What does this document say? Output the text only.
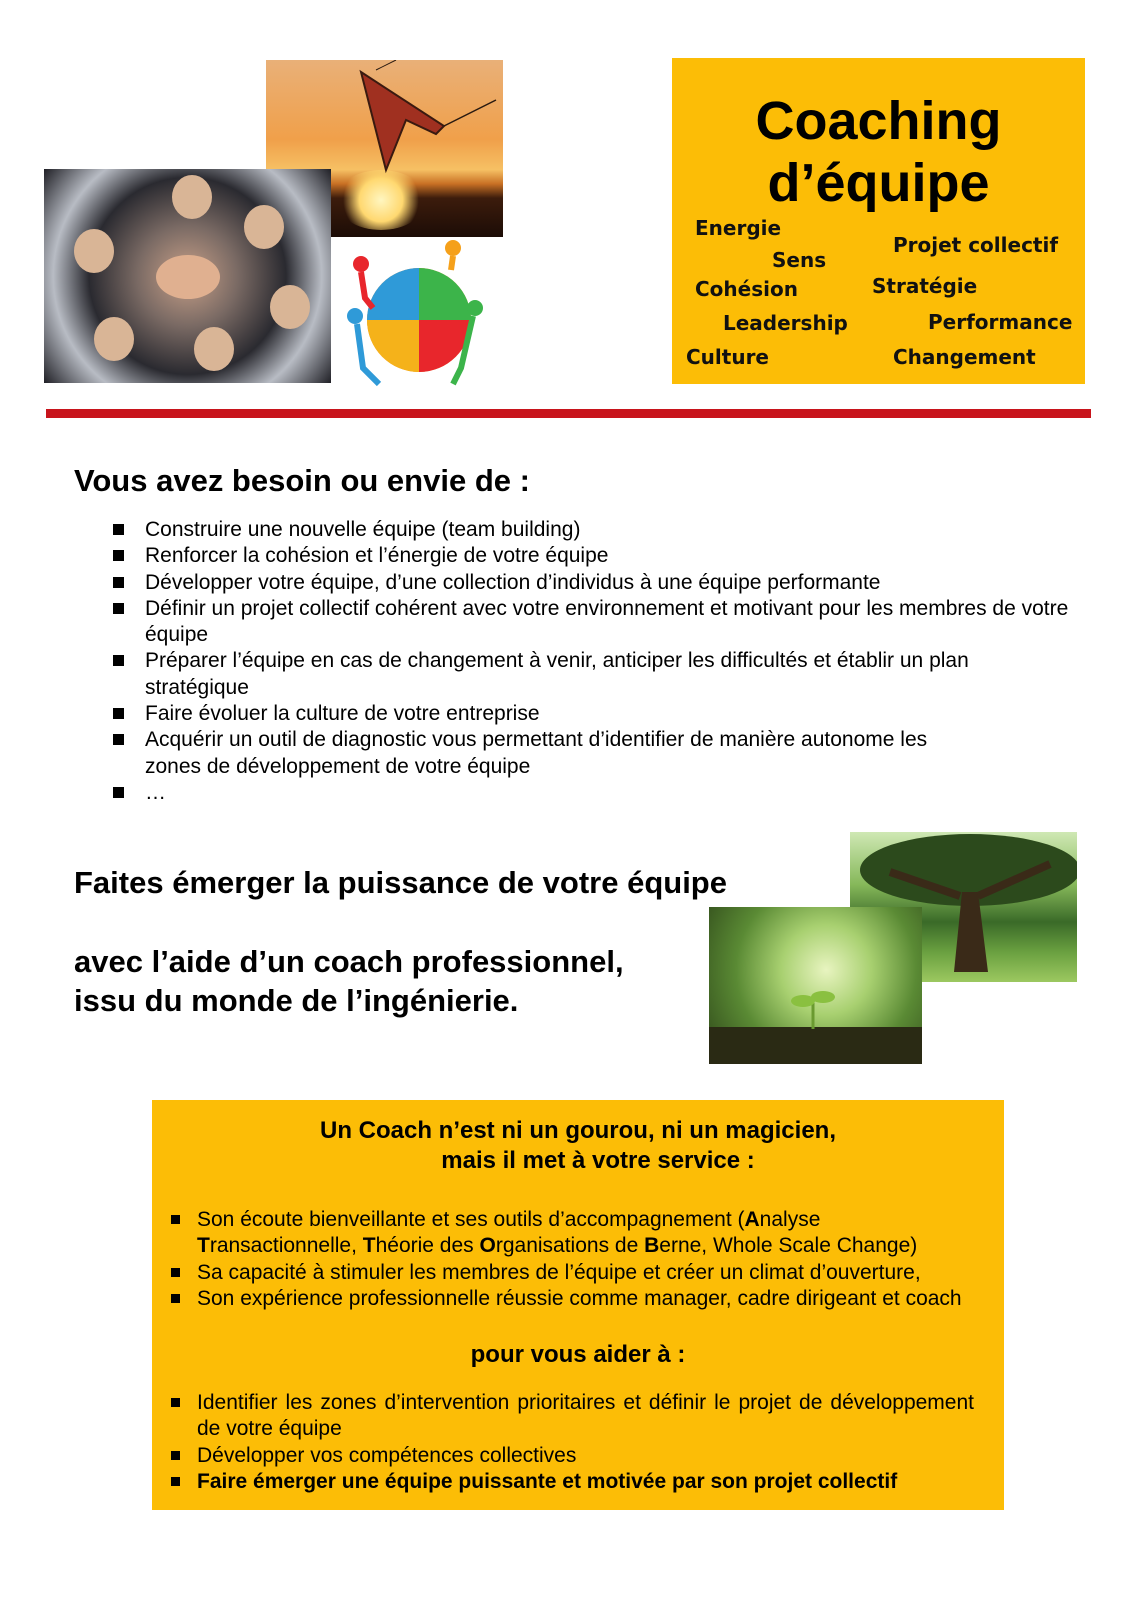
Coaching
d’équipe
Energie
Sens
Projet collectif
Cohésion	Stratégie
Leadership	Performance
Culture	Changement
Vous avez besoin ou envie de :
Construire une nouvelle équipe (team building)
Renforcer la cohésion et l’énergie de votre équipe
Développer votre équipe, d’une collection d’individus à une équipe performante
Définir un projet collectif cohérent avec votre environnement et motivant pour les membres de votre équipe
Préparer l’équipe en cas de changement à venir, anticiper les difficultés et établir un plan stratégique
Faire évoluer la culture de votre entreprise
Acquérir un outil de diagnostic vous permettant d’identifier de manière autonome les zones de développement de votre équipe
…
Faites émerger la puissance de votre équipe
avec l’aide d’un coach professionnel,
issu du monde de l’ingénierie.
Un Coach n’est ni un gourou, ni un magicien,
mais il met à votre service :
Son écoute bienveillante et ses outils d’accompagnement (Analyse Transactionnelle, Théorie des Organisations de Berne, Whole Scale Change)
Sa capacité à stimuler les membres de l’équipe et créer un climat d’ouverture,
Son expérience professionnelle réussie comme manager, cadre dirigeant et coach
pour vous aider à :
Identifier les zones d’intervention prioritaires et définir le projet de développement de votre équipe
Développer vos compétences collectives
Faire émerger une équipe puissante et motivée par son projet collectif
